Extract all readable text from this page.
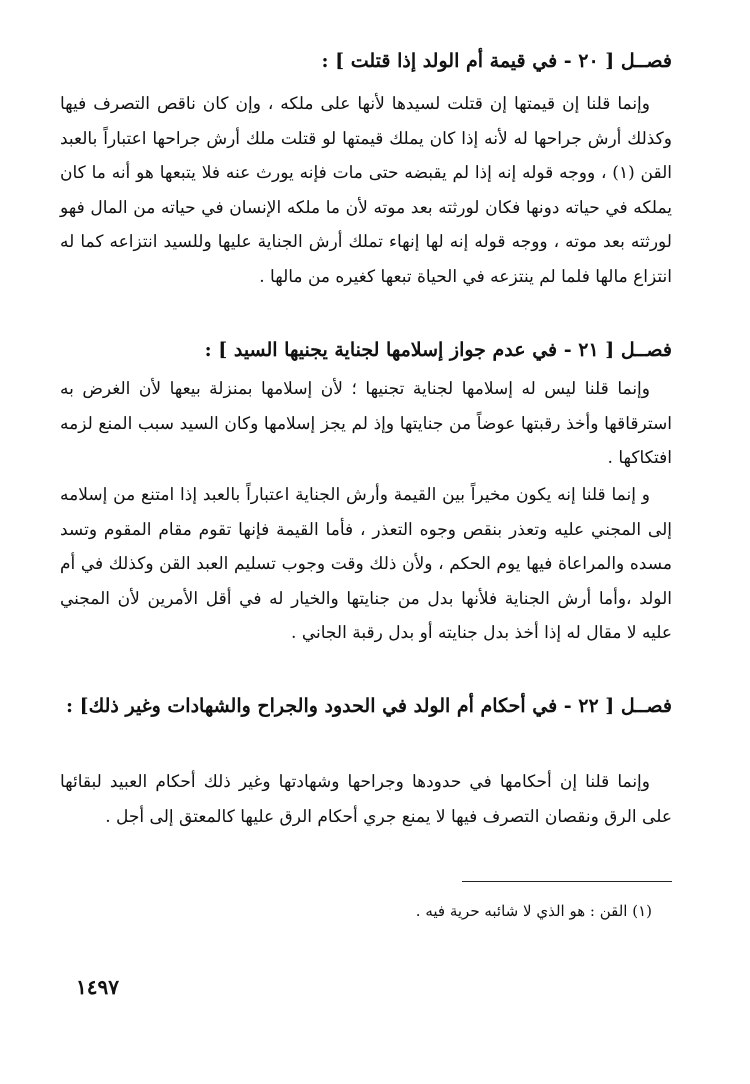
فصــل [ ٢٠ - في قيمة أم الولد إذا قتلت ] :
وإنما قلنا إن قيمتها إن قتلت لسيدها لأنها على ملكه ، وإن كان ناقص التصرف فيها وكذلك أرش جراحها له لأنه إذا كان يملك قيمتها لو قتلت ملك أرش جراحها اعتباراً بالعبد القن (١) ، ووجه قوله إنه إذا لم يقبضه حتى مات فإنه يورث عنه فلا يتبعها هو أنه ما كان يملكه في حياته دونها فكان لورثته بعد موته لأن ما ملكه الإنسان في حياته من المال فهو لورثته بعد موته ، ووجه قوله إنه لها إنهاء تملك أرش الجناية عليها وللسيد انتزاعه كما له انتزاع مالها فلما لم ينتزعه في الحياة تبعها كغيره من مالها .
فصــل [ ٢١ - في عدم جواز إسلامها لجناية يجنيها السيد ] :
وإنما قلنا ليس له إسلامها لجناية تجنيها ؛ لأن إسلامها بمنزلة بيعها لأن الغرض به استرقاقها وأخذ رقبتها عوضاً من جنايتها وإذ لم يجز إسلامها وكان السيد سبب المنع لزمه افتكاكها .
و إنما قلنا إنه يكون مخيراً بين القيمة وأرش الجناية اعتباراً بالعبد إذا امتنع من إسلامه إلى المجني عليه وتعذر بنقص وجوه التعذر ، فأما القيمة فإنها تقوم مقام المقوم وتسد مسده والمراعاة فيها يوم الحكم ، ولأن ذلك وقت وجوب تسليم العبد القن وكذلك في أم الولد ،وأما أرش الجناية فلأنها بدل من جنايتها والخيار له في أقل الأمرين لأن المجني عليه لا مقال له إذا أخذ بدل جنايته أو بدل رقبة الجاني .
فصــل [ ٢٢ - في أحكام أم الولد في الحدود والجراح والشهادات وغير ذلك] :
وإنما قلنا إن أحكامها في حدودها وجراحها وشهادتها وغير ذلك أحكام العبيد لبقائها على الرق ونقصان التصرف فيها لا يمنع جري أحكام الرق عليها كالمعتق إلى أجل .
(١) القن : هو الذي لا شائبه حرية فيه .
١٤٩٧
